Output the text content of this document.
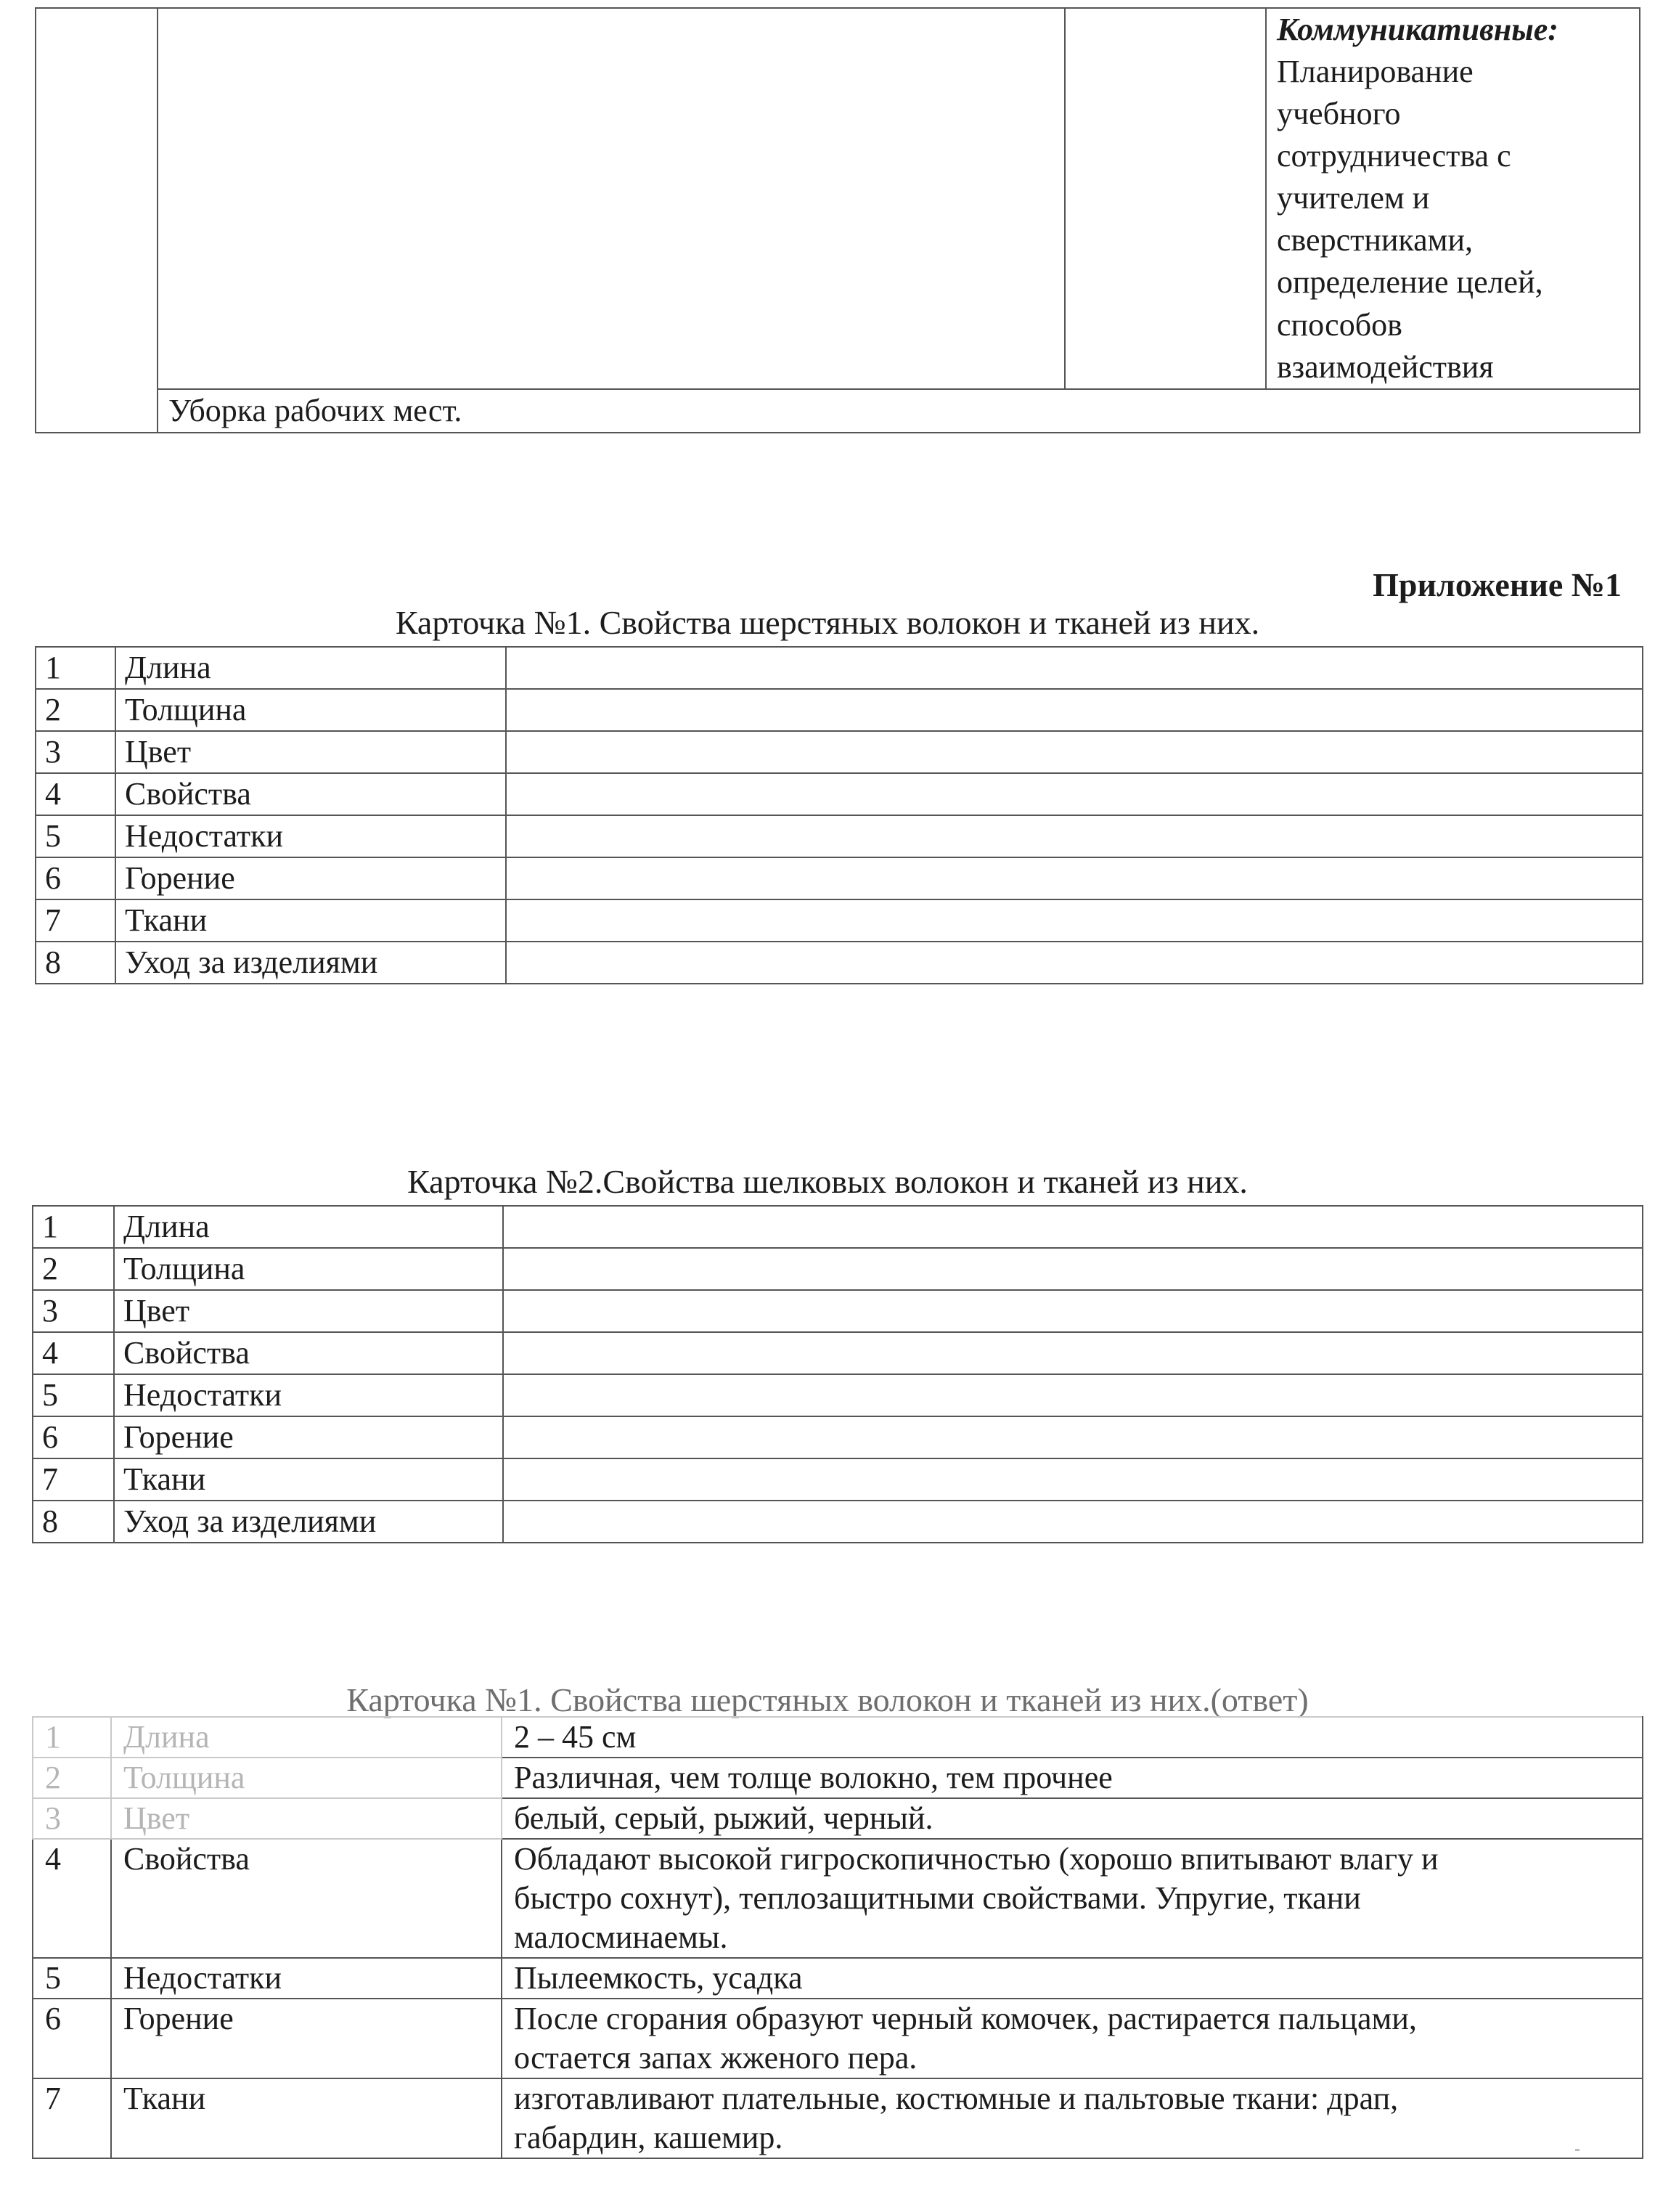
Коммуникативные:
Планирование
учебного
сотрудничества с
учителем и
сверстниками,
определение целей,
способов
взаимодействия

Уборка рабочих мест.
Приложение №1
Карточка №1. Свойства шерстяных волокон и тканей из них.
1	Длина	
2	Толщина	
3	Цвет	
4	Свойства	
5	Недостатки	
6	Горение	
7	Ткани	
8	Уход за изделиями	
Карточка №2.Свойства шелковых волокон и тканей из них.
1	Длина	
2	Толщина	
3	Цвет	
4	Свойства	
5	Недостатки	
6	Горение	
7	Ткани	
8	Уход за изделиями	
Карточка №1. Свойства шерстяных волокон и тканей из них.(ответ)
1	Длина	2 – 45 см

2	Толщина	Различная, чем толще волокно, тем прочнее

3	Цвет	белый, серый, рыжий, черный.

4	Свойства	Обладают высокой гигроскопичностью (хорошо впитывают влагу и
быстро сохнут), теплозащитными свойствами. Упругие, ткани
малосминаемы.

5	Недостатки	Пылеемкость, усадка

6	Горение	После сгорания образуют черный комочек, растирается пальцами,
остается запах жженого пера.

7	Ткани	изготавливают плательные, костюмные и пальтовые ткани: драп,
габардин, кашемир.
